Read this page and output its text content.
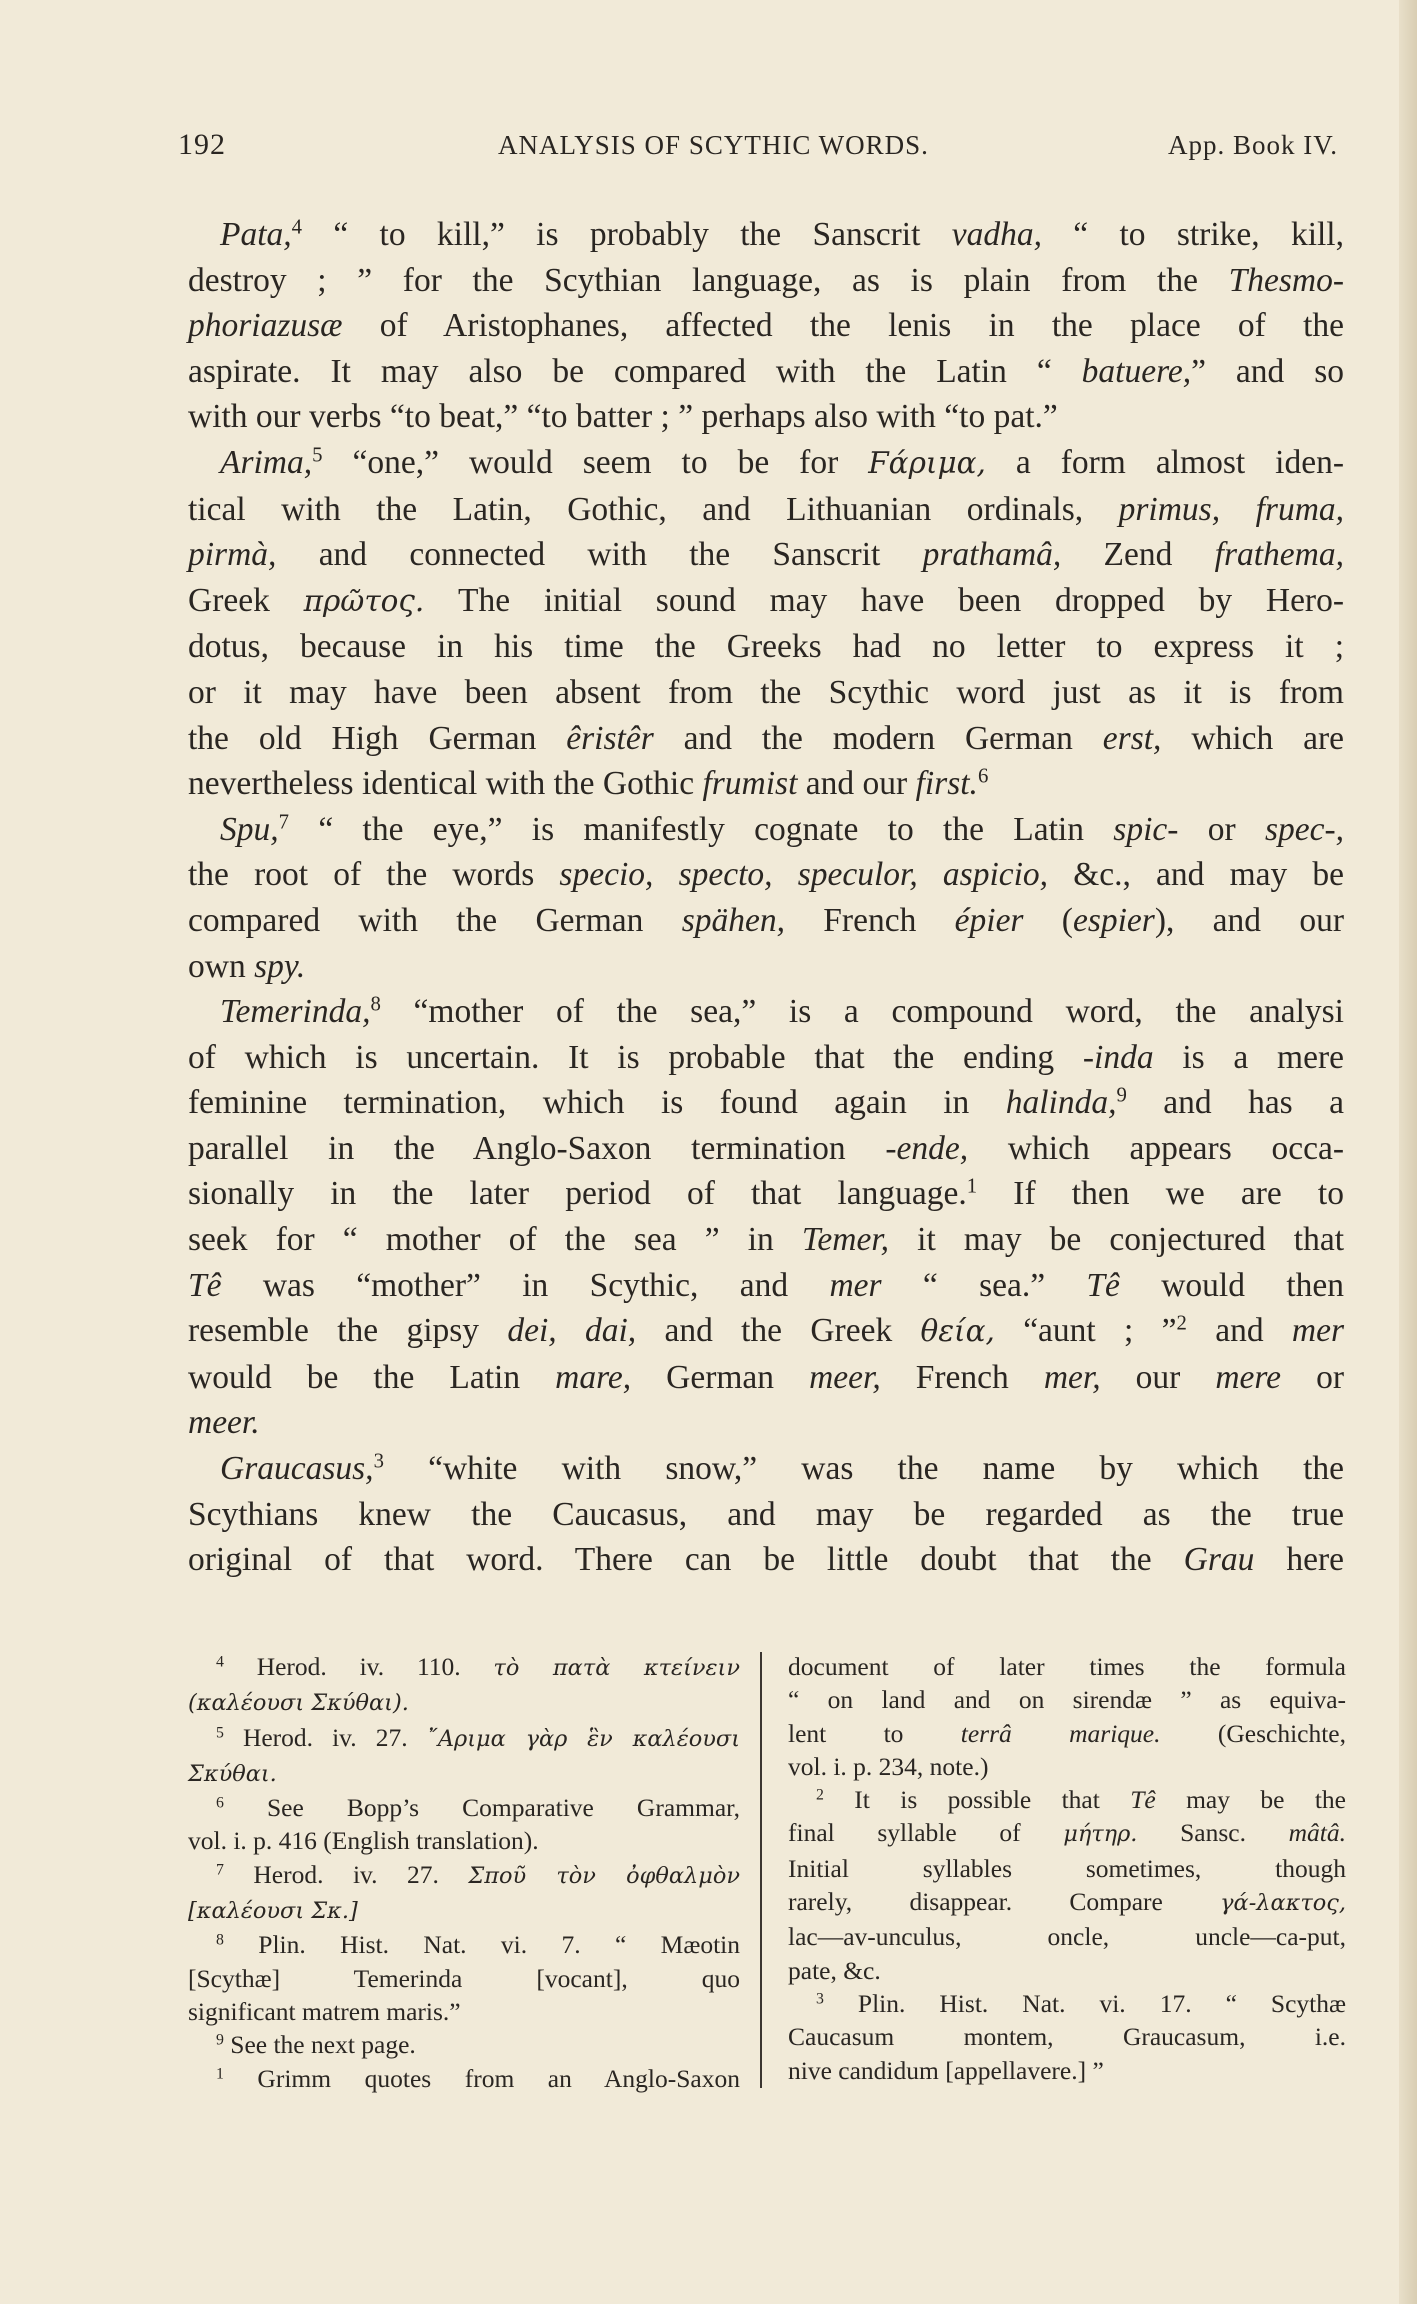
192	ANALYSIS OF SCYTHIC WORDS.	App. Book IV.
Pata,$^4$ “ to kill,” is probably the Sanscrit vadha, “ to strike, kill,
destroy ; ” for the Scythian language, as is plain from the Thesmo-
phoriazusæ of Aristophanes, affected the lenis in the place of the
aspirate. It may also be compared with the Latin “ batuere,” and so
with our verbs “to beat,” “to batter ; ” perhaps also with “to pat.”
Arima,$^5$ “one,” would seem to be for Ϝάριμα, a form almost iden-
tical with the Latin, Gothic, and Lithuanian ordinals, primus, fruma,
pirmà, and connected with the Sanscrit prathamâ, Zend frathema,
Greek πρῶτος. The initial sound may have been dropped by Hero-
dotus, because in his time the Greeks had no letter to express it ;
or it may have been absent from the Scythic word just as it is from
the old High German êristêr and the modern German erst, which are
nevertheless identical with the Gothic frumist and our first.$^6$
Spu,$^7$ “ the eye,” is manifestly cognate to the Latin spic- or spec-,
the root of the words specio, specto, speculor, aspicio, &c., and may be
compared with the German spähen, French épier (espier), and our
own spy.
Temerinda,$^8$ “mother of the sea,” is a compound word, the analysi
of which is uncertain. It is probable that the ending -inda is a mere
feminine termination, which is found again in halinda,$^9$ and has a
parallel in the Anglo-Saxon termination -ende, which appears occa-
sionally in the later period of that language.$^1$ If then we are to
seek for “ mother of the sea ” in Temer, it may be conjectured that
Tê was “mother” in Scythic, and mer “ sea.” Tê would then
resemble the gipsy dei, dai, and the Greek θεία, “aunt ; ”$^2$ and mer
would be the Latin mare, German meer, French mer, our mere or
meer.
Graucasus,$^3$ “white with snow,” was the name by which the
Scythians knew the Caucasus, and may be regarded as the true
original of that word. There can be little doubt that the Grau here
$^4$ Herod. iv. 110. τὸ πατὰ κτείνειν
(καλέουσι Σκύθαι).
$^5$ Herod. iv. 27. ῎Αριμα γὰρ ἓν καλέουσι
Σκύθαι.
$^6$ See Bopp’s Comparative Grammar,
vol. i. p. 416 (English translation).
$^7$ Herod. iv. 27. Σποῦ τὸν ὀφθαλμὸν
[καλέουσι Σκ.]
$^8$ Plin. Hist. Nat. vi. 7. “ Mæotin
[Scythæ] Temerinda [vocant], quo
significant matrem maris.”
$^9$ See the next page.
$^1$ Grimm quotes from an Anglo-Saxon
document of later times the formula
“ on land and on sirendæ ” as equiva-
lent to terrâ marique. (Geschichte,
vol. i. p. 234, note.)
$^2$ It is possible that Tê may be the
final syllable of μήτηρ. Sansc. mâtâ.
Initial syllables sometimes, though
rarely, disappear. Compare γά-λακτος,
lac—av-unculus, oncle, uncle—ca-put,
pate, &c.
$^3$ Plin. Hist. Nat. vi. 17. “ Scythæ
Caucasum montem, Graucasum, i.e.
nive candidum [appellavere.] ”
